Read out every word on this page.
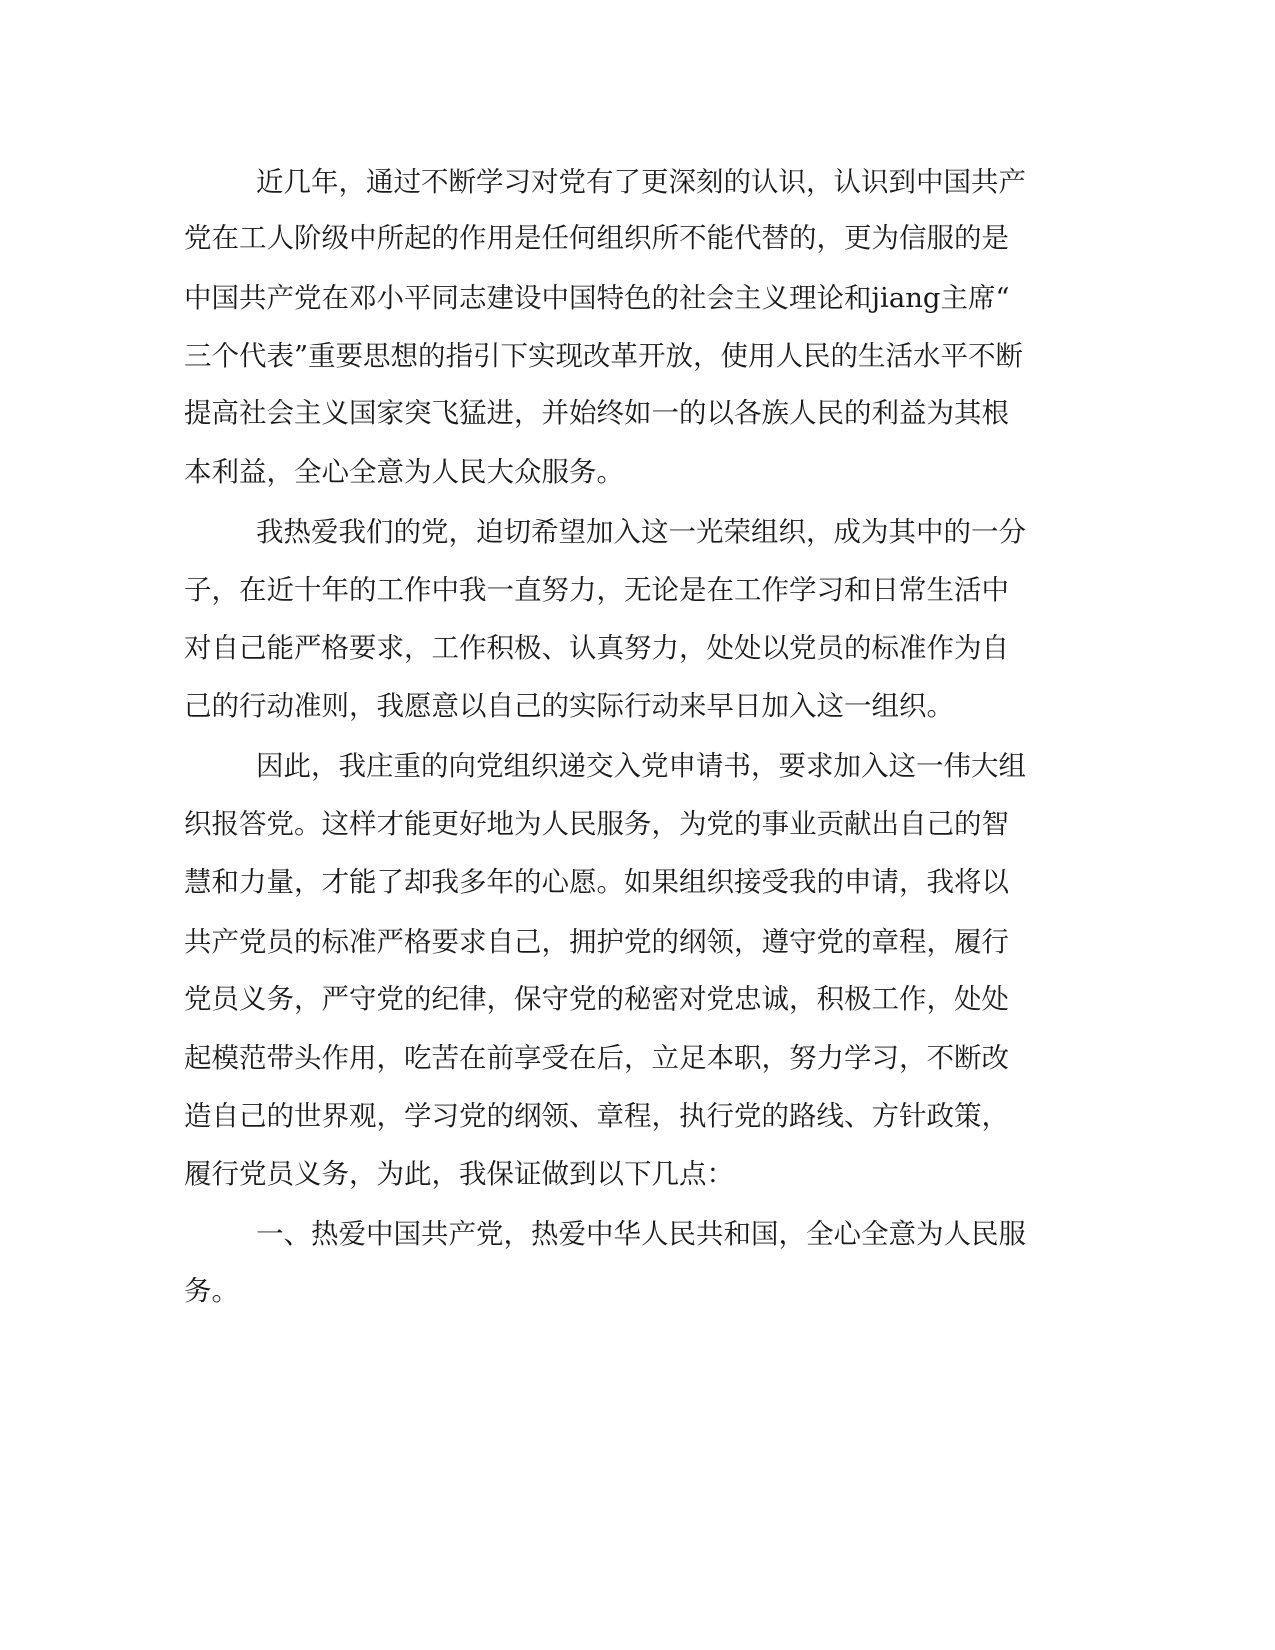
近几年，通过不断学习对党有了更深刻的认识，认识到中国共产
党在工人阶级中所起的作用是任何组织所不能代替的，更为信服的是
中国共产党在邓小平同志建设中国特色的社会主义理论和jiang主席“
三个代表”重要思想的指引下实现改革开放，使用人民的生活水平不断
提高社会主义国家突飞猛进，并始终如一的以各族人民的利益为其根
本利益，全心全意为人民大众服务。
我热爱我们的党，迫切希望加入这一光荣组织，成为其中的一分
子，在近十年的工作中我一直努力，无论是在工作学习和日常生活中
对自己能严格要求，工作积极、认真努力，处处以党员的标准作为自
己的行动准则，我愿意以自己的实际行动来早日加入这一组织。
因此，我庄重的向党组织递交入党申请书，要求加入这一伟大组
织报答党。这样才能更好地为人民服务，为党的事业贡献出自己的智
慧和力量，才能了却我多年的心愿。如果组织接受我的申请，我将以
共产党员的标准严格要求自己，拥护党的纲领，遵守党的章程，履行
党员义务，严守党的纪律，保守党的秘密对党忠诚，积极工作，处处
起模范带头作用，吃苦在前享受在后，立足本职，努力学习，不断改
造自己的世界观，学习党的纲领、章程，执行党的路线、方针政策，
履行党员义务，为此，我保证做到以下几点：
一、热爱中国共产党，热爱中华人民共和国，全心全意为人民服
务。
